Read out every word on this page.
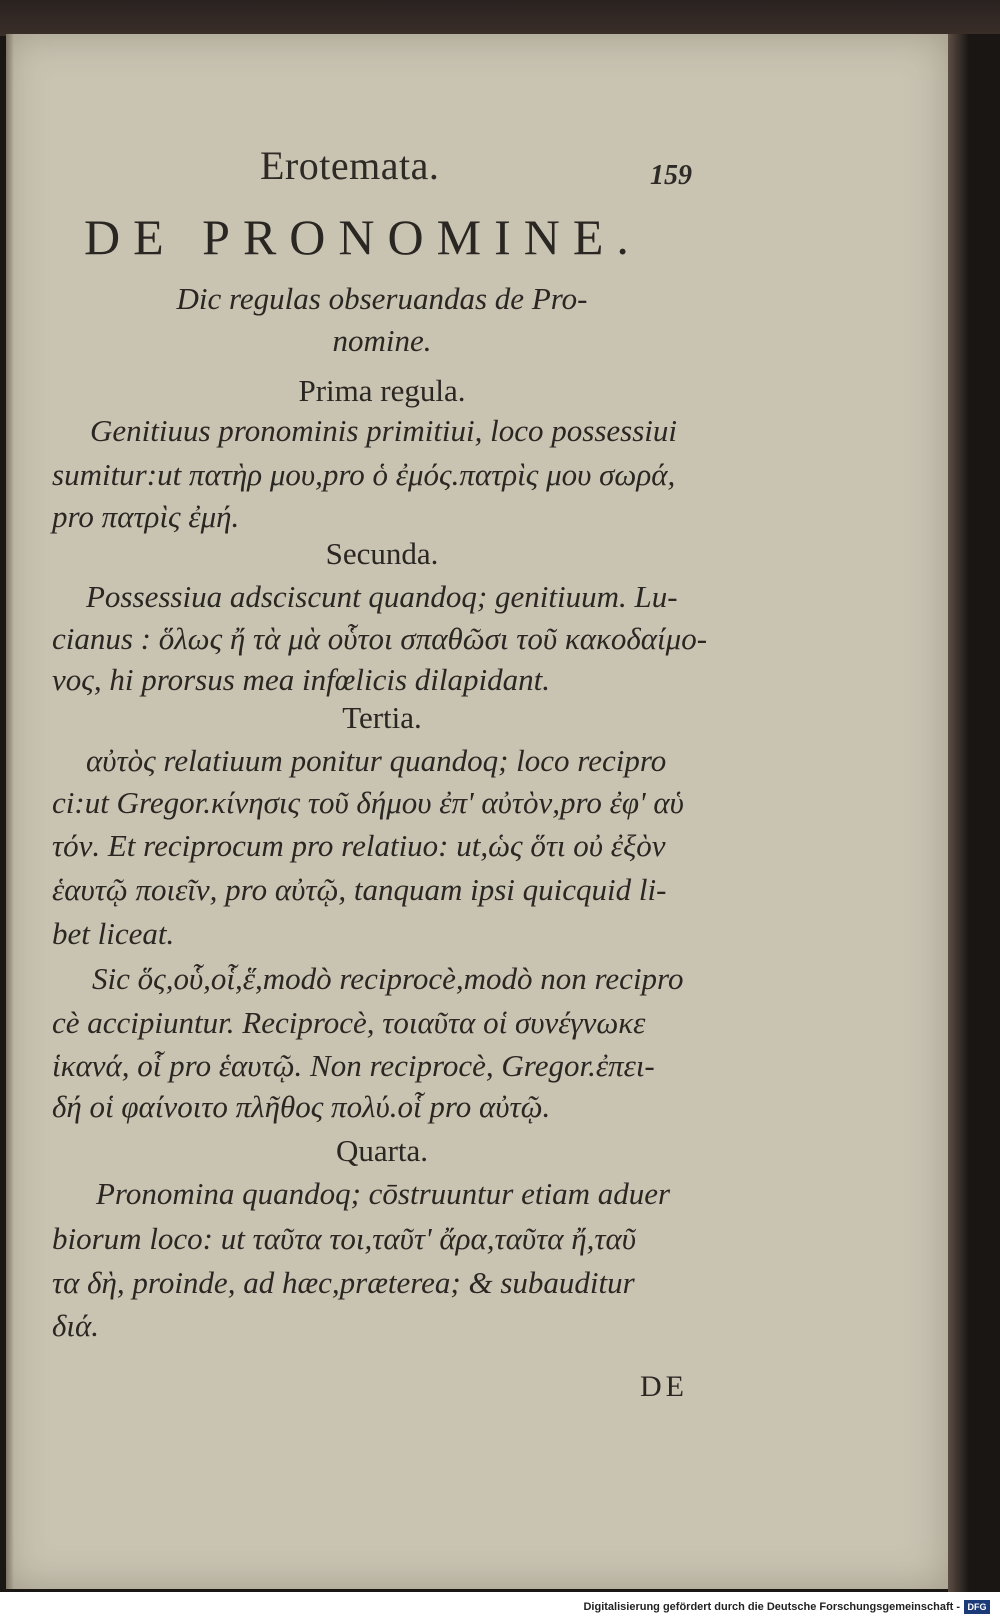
Erotemata.	159
DE PRONOMINE.
Dic regulas obseruandas de Pro-
nomine.
Prima regula.
Genitiuus pronominis primitiui, loco possessiui
sumitur:ut πατὴρ μου,pro ὁ ἐμός.πατρὶς μου σωρά,
pro πατρὶς ἐμή.
Secunda.
Possessiua adsciscunt quandoq; genitiuum. Lu-
cianus : ὅλως ἤ τὰ μὰ οὗτοι σπαθῶσι τοῦ κακοδαίμο-
νος, hi prorsus mea infœlicis dilapidant.
Tertia.
αὐτὸς relatiuum ponitur quandoq; loco recipro
ci:ut Gregor.κίνησις τοῦ δήμου ἐπ' αὐτὸν,pro ἐφ' αὑ
τόν. Et reciprocum pro relatiuo: ut,ὡς ὅτι οὐ ἐξὸν
ἑαυτῷ ποιεῖν, pro αὐτῷ, tanquam ipsi quicquid li-
bet liceat.
Sic ὅς,οὗ,οἷ,ἕ,modò reciprocè,modò non recipro
cè accipiuntur. Reciprocè, τοιαῦτα οἱ συνέγνωκε
ἱκανά, οἷ pro ἑαυτῷ. Non reciprocè, Gregor.ἐπει-
δή οἱ φαίνοιτο πλῆθος πολύ.οἷ pro αὐτῷ.
Quarta.
Pronomina quandoq; cōstruuntur etiam aduer
biorum loco: ut ταῦτα τοι,ταῦτ' ἄρα,ταῦτα ἤ,ταῦ
τα δὴ, proinde, ad hæc,præterea; & subauditur
διά.
DE
Digitalisierung gefördert durch die Deutsche Forschungsgemeinschaft - DFG
